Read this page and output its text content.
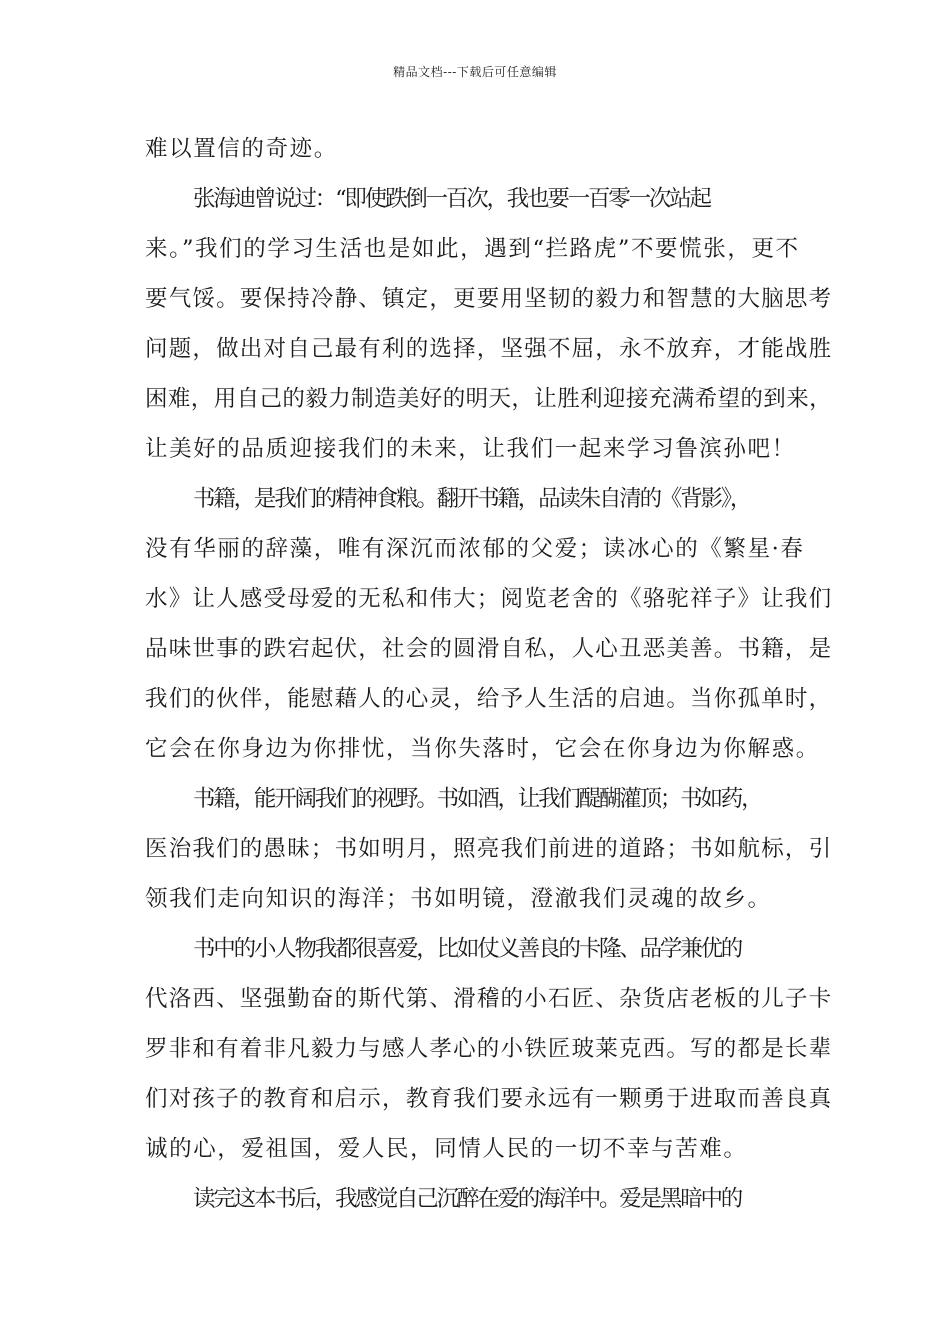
精品文档---下载后可任意编辑
难以置信的奇迹。
张海迪曾说过：“即使跌倒一百次，我也要一百零一次站起
来。”我们的学习生活也是如此，遇到“拦路虎”不要慌张，更不
要气馁。要保持冷静、镇定，更要用坚韧的毅力和智慧的大脑思考
问题，做出对自己最有利的选择，坚强不屈，永不放弃，才能战胜
困难，用自己的毅力制造美好的明天，让胜利迎接充满希望的到来，
让美好的品质迎接我们的未来，让我们一起来学习鲁滨孙吧！
书籍，是我们的精神食粮。翻开书籍，品读朱自清的《背影》，
没有华丽的辞藻，唯有深沉而浓郁的父爱；读冰心的《繁星·春
水》让人感受母爱的无私和伟大；阅览老舍的《骆驼祥子》让我们
品味世事的跌宕起伏，社会的圆滑自私，人心丑恶美善。书籍，是
我们的伙伴，能慰藉人的心灵，给予人生活的启迪。当你孤单时，
它会在你身边为你排忧，当你失落时，它会在你身边为你解惑。
书籍，能开阔我们的视野。书如酒，让我们醍醐灌顶；书如药，
医治我们的愚昧；书如明月，照亮我们前进的道路；书如航标，引
领我们走向知识的海洋；书如明镜，澄澈我们灵魂的故乡。
书中的小人物我都很喜爱，比如仗义善良的卡隆、品学兼优的
代洛西、坚强勤奋的斯代第、滑稽的小石匠、杂货店老板的儿子卡
罗非和有着非凡毅力与感人孝心的小铁匠玻莱克西。写的都是长辈
们对孩子的教育和启示，教育我们要永远有一颗勇于进取而善良真
诚的心，爱祖国，爱人民，同情人民的一切不幸与苦难。
读完这本书后，我感觉自己沉醉在爱的海洋中。爱是黑暗中的
